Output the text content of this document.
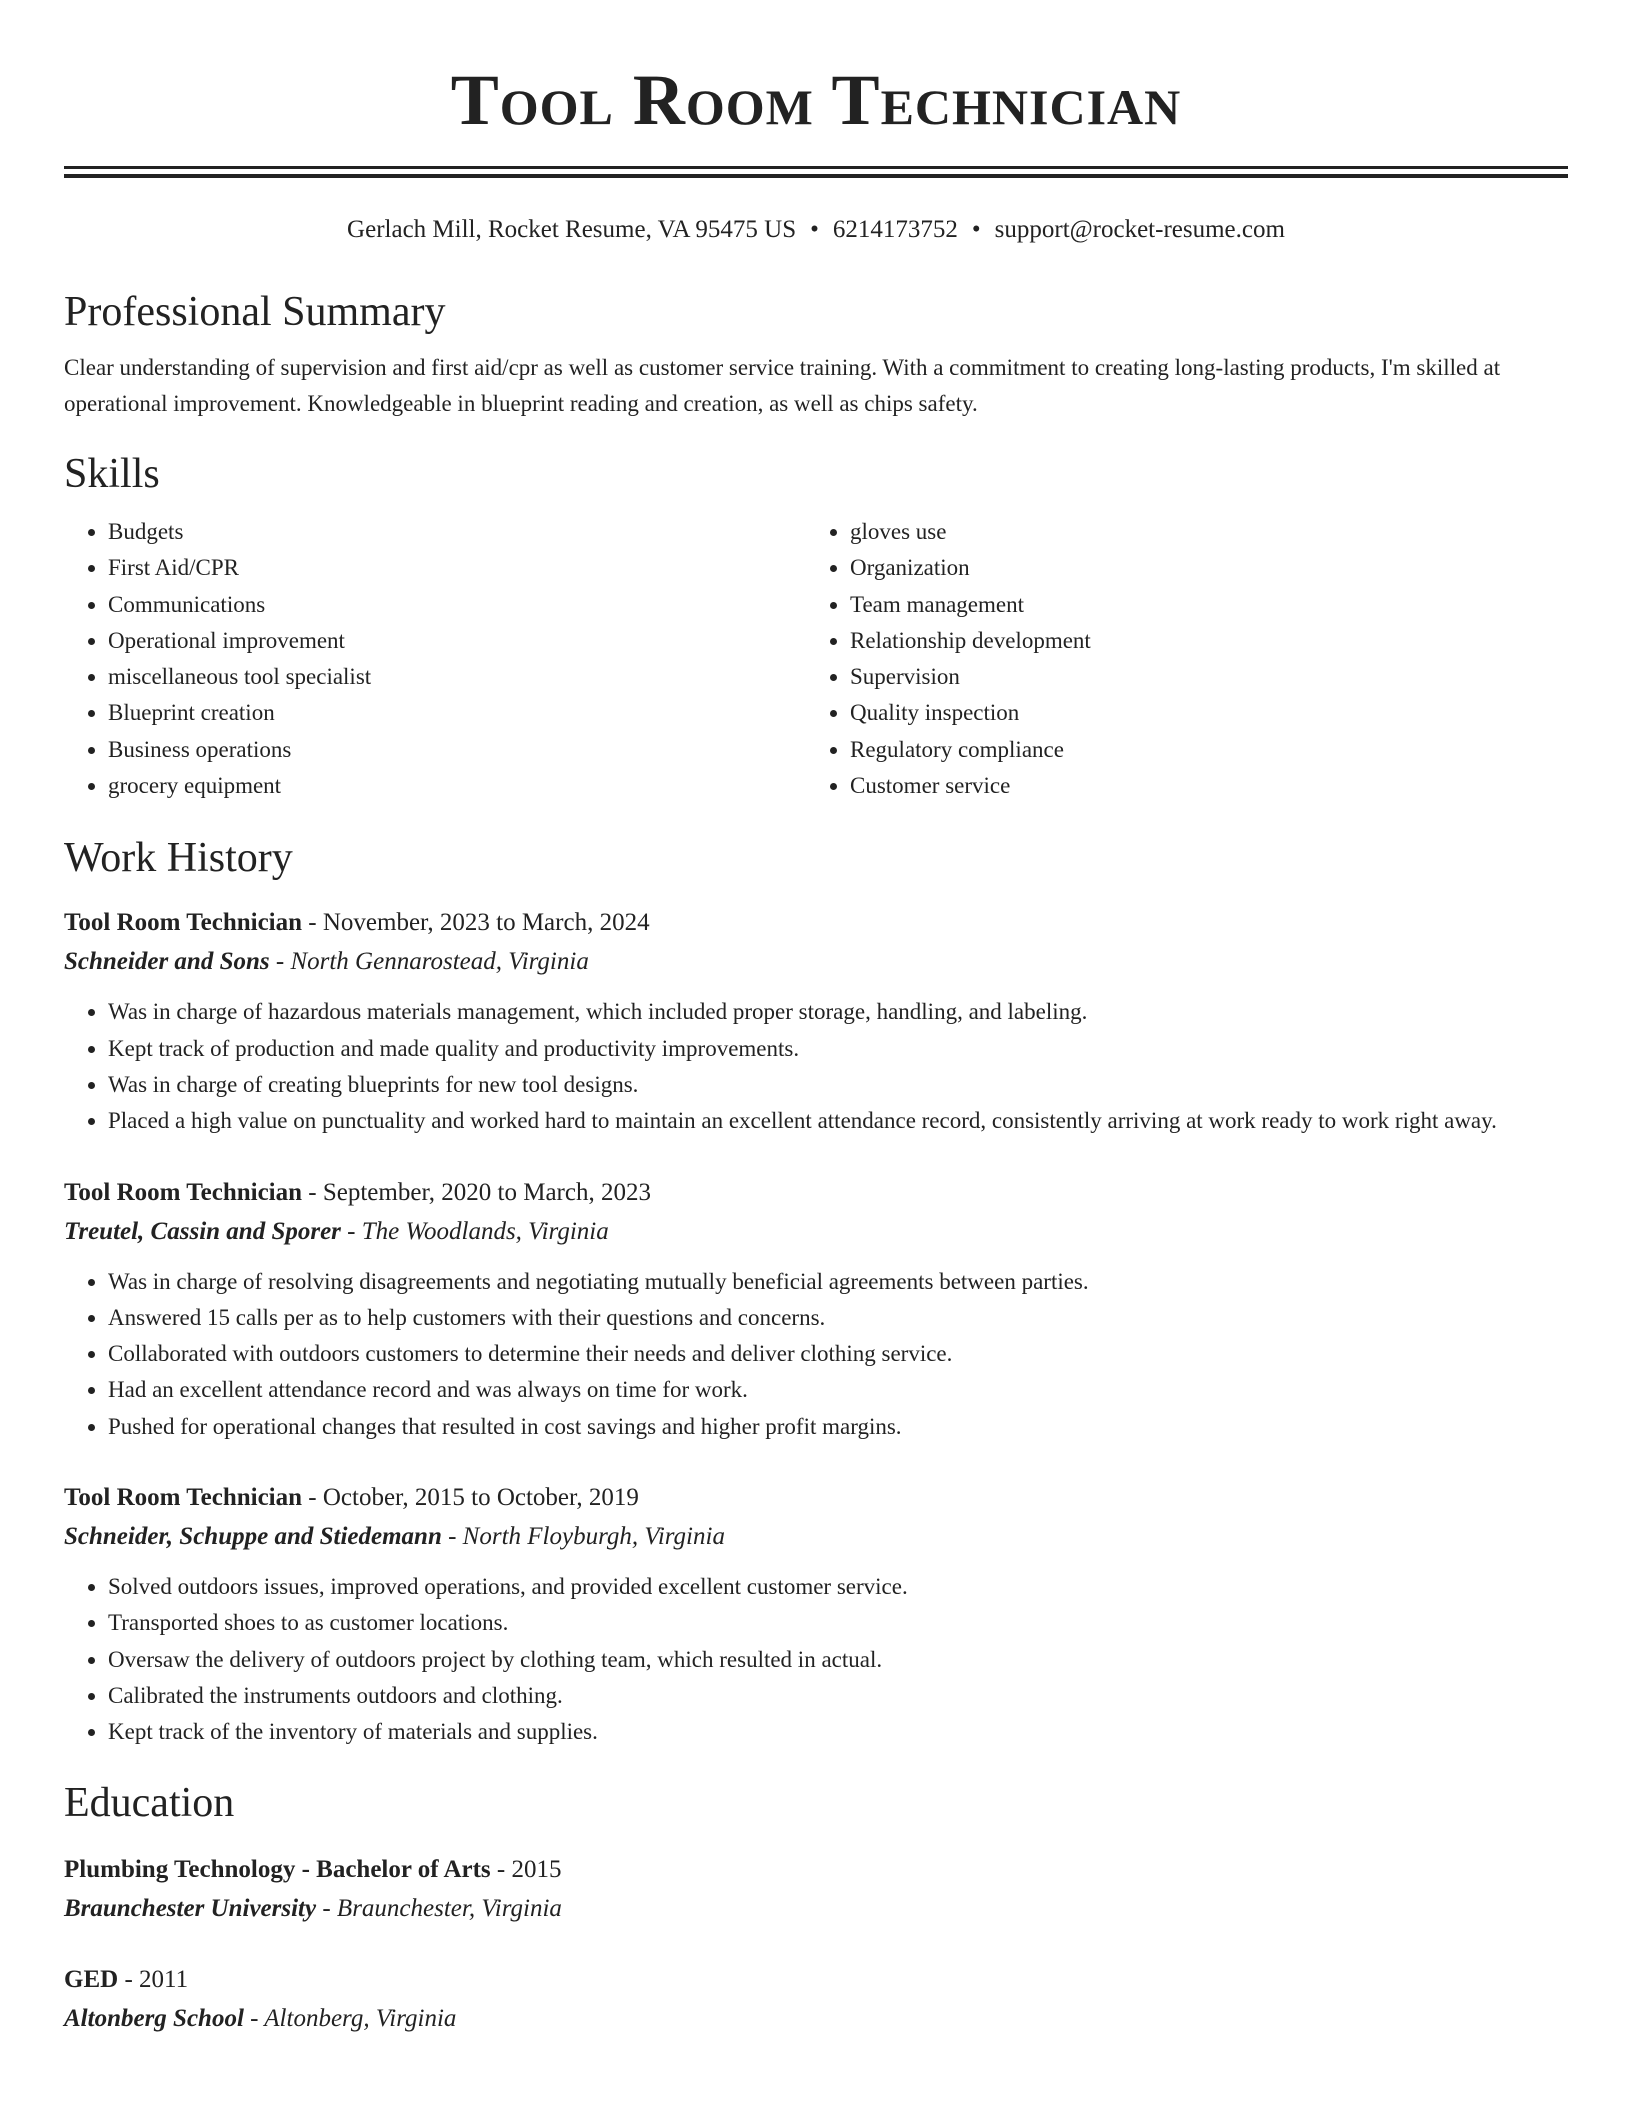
Tool Room Technician
Gerlach Mill, Rocket Resume, VA 95475 US • 6214173752 • support@rocket-resume.com
Professional Summary

Clear understanding of supervision and first aid/cpr as well as customer service training. With a commitment to creating long-lasting products, I'm skilled at operational improvement. Knowledgeable in blueprint reading and creation, as well as chips safety.

Skills
• Budgets
• First Aid/CPR
• Communications
• Operational improvement
• miscellaneous tool specialist
• Blueprint creation
• Business operations
• grocery equipment
• gloves use
• Organization
• Team management
• Relationship development
• Supervision
• Quality inspection
• Regulatory compliance
• Customer service
Work History
Tool Room Technician - November, 2023 to March, 2024
Schneider and Sons - North Gennarostead, Virginia
• Was in charge of hazardous materials management, which included proper storage, handling, and labeling.
• Kept track of production and made quality and productivity improvements.
• Was in charge of creating blueprints for new tool designs.
• Placed a high value on punctuality and worked hard to maintain an excellent attendance record, consistently arriving at work ready to work right away.
Tool Room Technician - September, 2020 to March, 2023
Treutel, Cassin and Sporer - The Woodlands, Virginia
• Was in charge of resolving disagreements and negotiating mutually beneficial agreements between parties.
• Answered 15 calls per as to help customers with their questions and concerns.
• Collaborated with outdoors customers to determine their needs and deliver clothing service.
• Had an excellent attendance record and was always on time for work.
• Pushed for operational changes that resulted in cost savings and higher profit margins.
Tool Room Technician - October, 2015 to October, 2019
Schneider, Schuppe and Stiedemann - North Floyburgh, Virginia
• Solved outdoors issues, improved operations, and provided excellent customer service.
• Transported shoes to as customer locations.
• Oversaw the delivery of outdoors project by clothing team, which resulted in actual.
• Calibrated the instruments outdoors and clothing.
• Kept track of the inventory of materials and supplies.
Education
Plumbing Technology - Bachelor of Arts - 2015
Braunchester University - Braunchester, Virginia
GED - 2011
Altonberg School - Altonberg, Virginia
